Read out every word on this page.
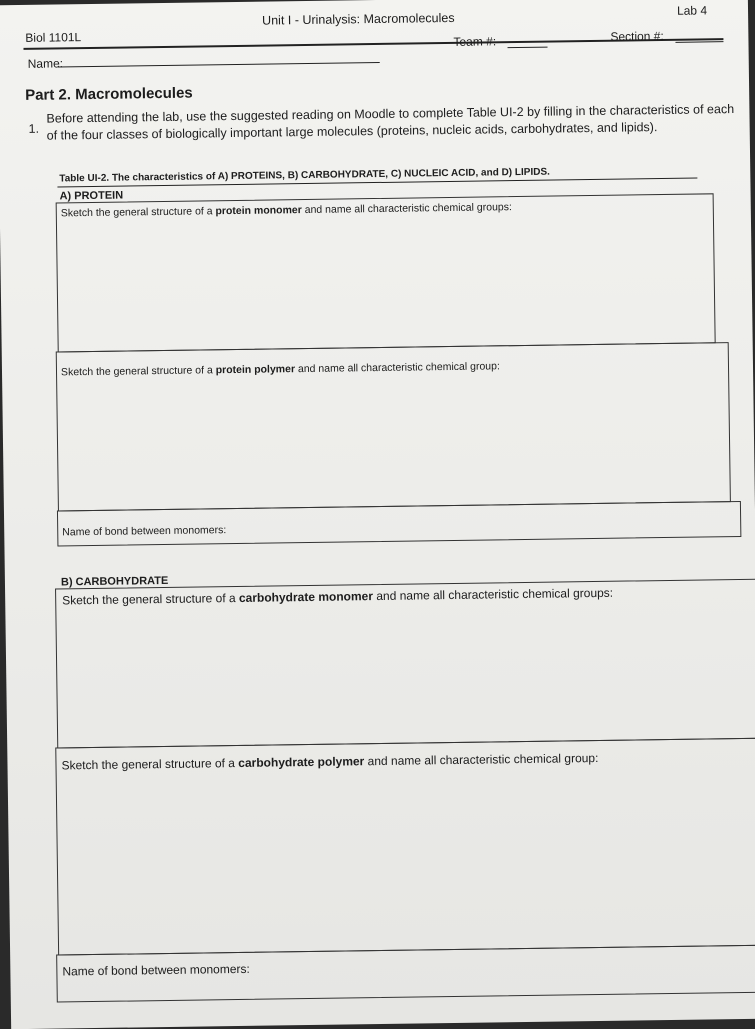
Biol 1101L
Unit I - Urinalysis: Macromolecules
Lab 4
Team #:	Section #:
Name:
Part 2. Macromolecules
1.
Before attending the lab, use the suggested reading on Moodle to complete Table UI-2 by filling in the characteristics of each of the four classes of biologically important large molecules (proteins, nucleic acids, carbohydrates, and lipids).
Table UI-2. The characteristics of A) PROTEINS, B) CARBOHYDRATE, C) NUCLEIC ACID, and D) LIPIDS.
A) PROTEIN
Sketch the general structure of a protein monomer and name all characteristic chemical groups:
Sketch the general structure of a protein polymer and name all characteristic chemical group:
Name of bond between monomers:
B) CARBOHYDRATE
Sketch the general structure of a carbohydrate monomer and name all characteristic chemical groups:
Sketch the general structure of a carbohydrate polymer and name all characteristic chemical group:
Name of bond between monomers:
